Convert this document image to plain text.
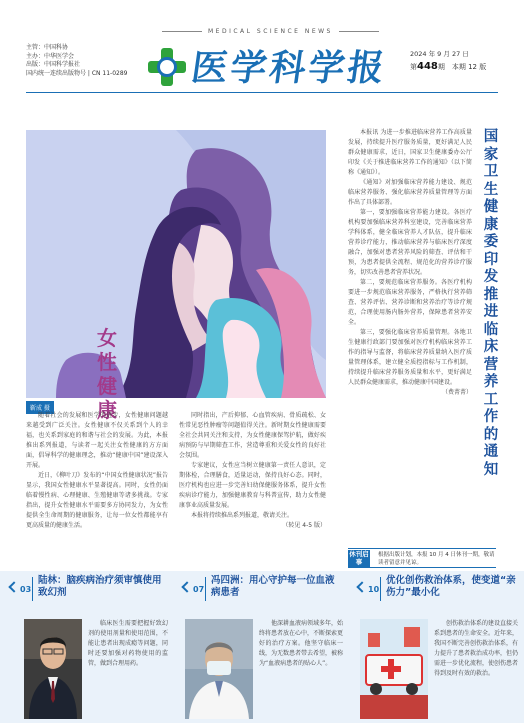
主管：中国科协
主办：中华医学会
出版：中国科学报社
国内统一连续出版物号 | CN 11-0289
MEDICAL SCIENCE NEWS
医学科学报	2024 年 9 月 27 日
第448期　本期 12 版
女
性
健
康
靳成 摄

随着社会的发展和医学的进步，女性健康问题越来越受到广泛关注。女性健康不仅关系到个人的幸福，也关系到家庭的和谐与社会的发展。为此，本报推出系列报道，与读者一起关注女性健康的方方面面，倡导科学的健康理念，推动“健康中国”建设深入开展。

近日，《柳叶刀》发布的“中国女性健康状况”报告显示，我国女性健康水平显著提高。同时，女性仍面临着慢性病、心理健康、生殖健康等诸多挑战。专家指出，提升女性健康水平需要多方协同发力，为女性提供全生命周期的健康服务，让每一位女性都能享有更高质量的健康生活。

同时指出，产后抑郁、心血管疾病、骨质疏松、女性常见恶性肿瘤等问题值得关注。新时期女性健康需要全社会共同关注和支持，为女性健康保驾护航，做好疾病预防与早期筛查工作，营造尊重和关爱女性的良好社会氛围。

专家建议，女性应当树立健康第一责任人意识，定期体检，合理膳食，适量运动，保持良好心态。同时，医疗机构也应进一步完善妇幼保健服务体系，提升女性疾病诊疗能力，加强健康教育与科普宣传，助力女性健康事业高质量发展。

本报将持续推出系列报道，敬请关注。

（转见 4-5 版）

本报讯 为进一步推进临床营养工作高质量发展，持续提升医疗服务质量，更好满足人民群众健康需求，近日，国家卫生健康委办公厅印发《关于推进临床营养工作的通知》（以下简称《通知》）。

《通知》对加强临床营养能力建设、规范临床营养服务、强化临床营养质量管理等方面作出了具体部署。

第一，要加强临床营养能力建设。各医疗机构要加强临床营养科室建设，完善临床营养学科体系，健全临床营养人才队伍，提升临床营养诊疗能力，推动临床营养与临床医疗深度融合，加强对患者营养风险的筛查、评估和干预，为患者提供全流程、规范化的营养诊疗服务，切实改善患者营养状况。

第二，要规范临床营养服务。各医疗机构要进一步规范临床营养服务，严格执行营养筛查、营养评估、营养诊断和营养治疗等诊疗规范，合理使用肠内肠外营养，保障患者营养安全。

第三，要强化临床营养质量管理。各地卫生健康行政部门要加强对医疗机构临床营养工作的指导与监督，将临床营养质量纳入医疗质量管理体系，建立健全质控指标与工作机制，持续提升临床营养服务质量和水平，更好满足人民群众健康需求，推动健康中国建设。

（费菁菁）

国
家
卫
生
健
康
委
印
发
推
进
临
床
营
养
工
作
的
通
知
休刊启事
根据出版计划，本报 10 月 4 日休刊一期，敬请读者留意并见谅。
03
陆林：脑疾病治疗须审慎使用致幻剂
临床医生需要把握好致幻剂的使用剂量和使用范围，不能让患者出现成瘾等问题，同时还要加强对药物使用的监管，做到合理用药。
07
冯四洲：用心守护每一位血液病患者
他深耕血液病领域多年，始终将患者放在心中，不断探索更好的治疗方案。他坚守临床一线，为无数患者带去希望，被称为“血液病患者的贴心人”。
10
优化创伤救治体系，使变道“亲伤力”最小化
创伤救治体系的建设直接关系到患者的生命安全。近年来，我国不断完善创伤救治体系，有力提升了患者救治成功率，但仍需进一步优化流程，使创伤患者得到及时有效的救治。
